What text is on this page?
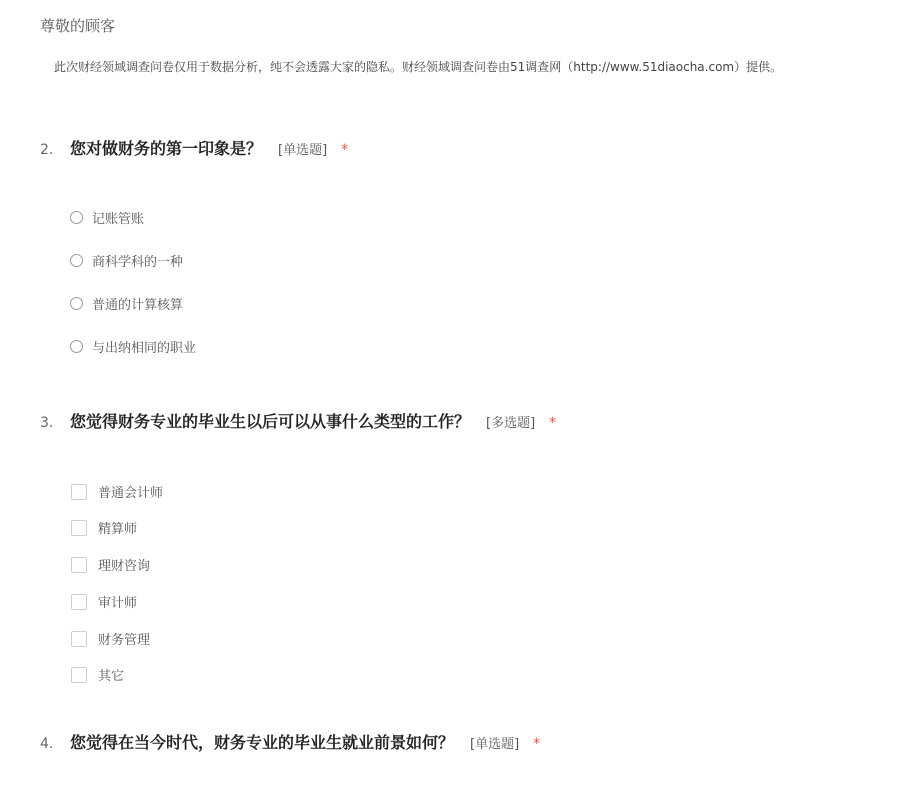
尊敬的顾客
此次财经领域调查问卷仅用于数据分析，纯不会透露大家的隐私。财经领域调查问卷由51调查网（http://www.51diaocha.com）提供。
2.	您对做财务的第一印象是？ [单选题] *
记账管账
商科学科的一种
普通的计算核算
与出纳相同的职业
3.	您觉得财务专业的毕业生以后可以从事什么类型的工作？ [多选题] *
普通会计师
精算师
理财咨询
审计师
财务管理
其它
4.	您觉得在当今时代，财务专业的毕业生就业前景如何？ [单选题] *
